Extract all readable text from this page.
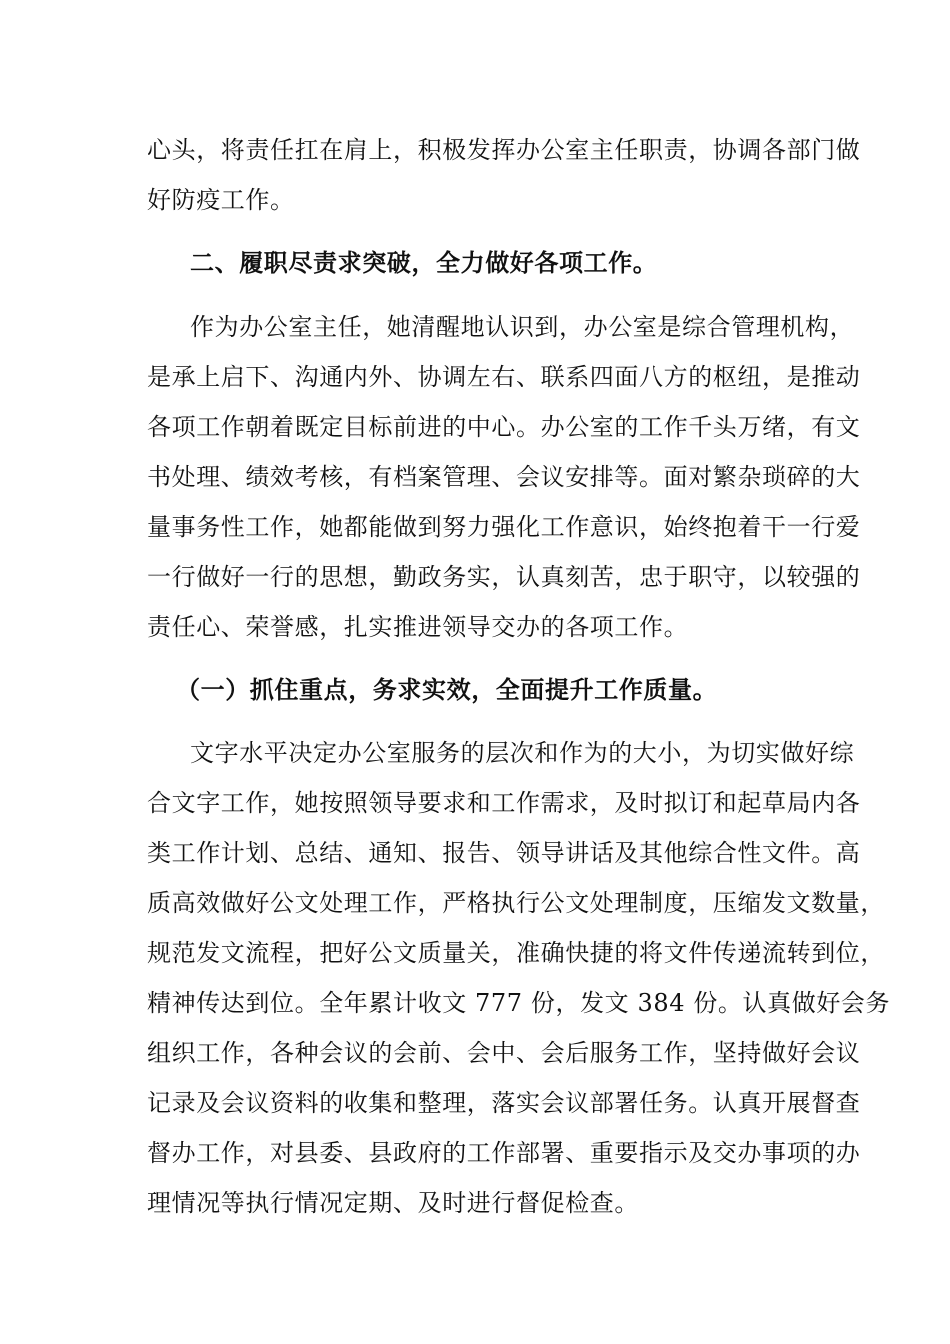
心头，将责任扛在肩上，积极发挥办公室主任职责，协调各部门做
好防疫工作。
二、履职尽责求突破，全力做好各项工作。
作为办公室主任，她清醒地认识到，办公室是综合管理机构，
是承上启下、沟通内外、协调左右、联系四面八方的枢纽，是推动
各项工作朝着既定目标前进的中心。办公室的工作千头万绪，有文
书处理、绩效考核，有档案管理、会议安排等。面对繁杂琐碎的大
量事务性工作，她都能做到努力强化工作意识，始终抱着干一行爱
一行做好一行的思想，勤政务实，认真刻苦，忠于职守，以较强的
责任心、荣誉感，扎实推进领导交办的各项工作。
（一）抓住重点，务求实效，全面提升工作质量。
文字水平决定办公室服务的层次和作为的大小，为切实做好综
合文字工作，她按照领导要求和工作需求，及时拟订和起草局内各
类工作计划、总结、通知、报告、领导讲话及其他综合性文件。高
质高效做好公文处理工作，严格执行公文处理制度，压缩发文数量，
规范发文流程，把好公文质量关，准确快捷的将文件传递流转到位，
精神传达到位。全年累计收文 777 份，发文 384 份。认真做好会务
组织工作，各种会议的会前、会中、会后服务工作，坚持做好会议
记录及会议资料的收集和整理，落实会议部署任务。认真开展督查
督办工作，对县委、县政府的工作部署、重要指示及交办事项的办
理情况等执行情况定期、及时进行督促检查。
